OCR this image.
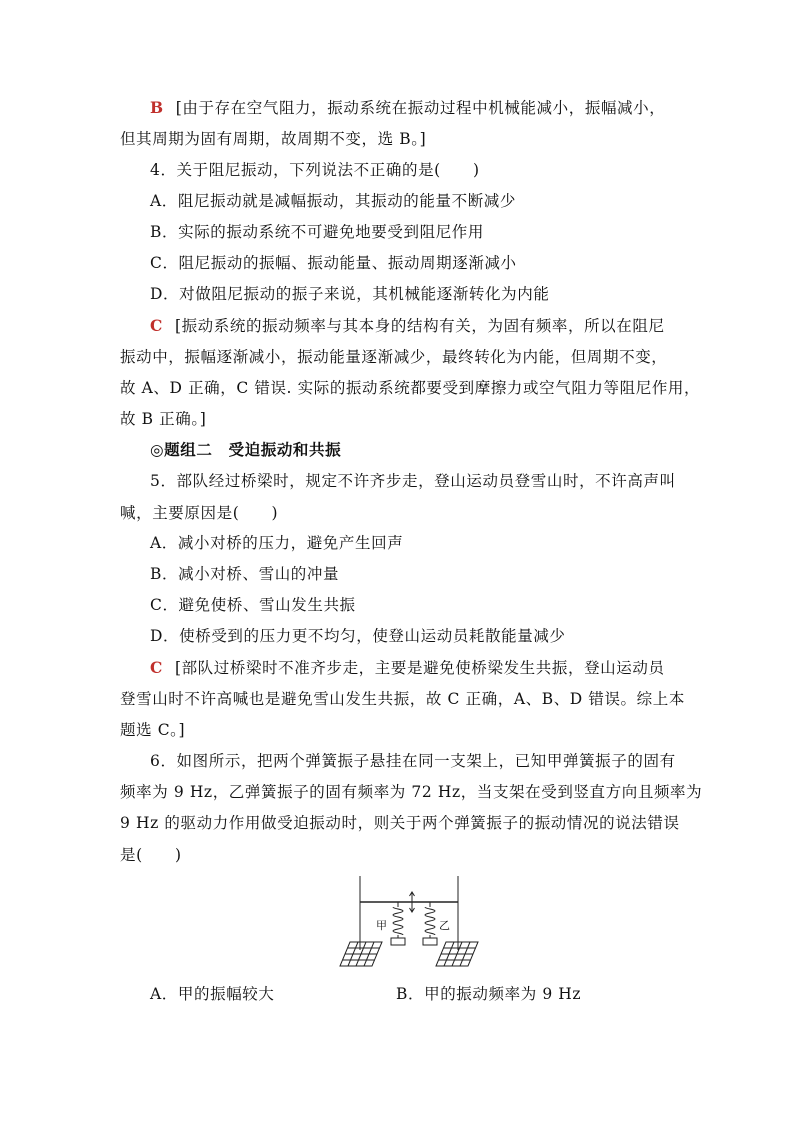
B [由于存在空气阻力，振动系统在振动过程中机械能减小，振幅减小，
但其周期为固有周期，故周期不变，选 B。]
4．关于阻尼振动，下列说法不正确的是(　　)
A．阻尼振动就是减幅振动，其振动的能量不断减少
B．实际的振动系统不可避免地要受到阻尼作用
C．阻尼振动的振幅、振动能量、振动周期逐渐减小
D．对做阻尼振动的振子来说，其机械能逐渐转化为内能
C [振动系统的振动频率与其本身的结构有关，为固有频率，所以在阻尼
振动中，振幅逐渐减小，振动能量逐渐减少，最终转化为内能，但周期不变，
故 A、D 正确，C 错误. 实际的振动系统都要受到摩擦力或空气阻力等阻尼作用，
故 B 正确。]
◎题组二　受迫振动和共振
5．部队经过桥梁时，规定不许齐步走，登山运动员登雪山时，不许高声叫
喊，主要原因是(　　)
A．减小对桥的压力，避免产生回声
B．减小对桥、雪山的冲量
C．避免使桥、雪山发生共振
D．使桥受到的压力更不均匀，使登山运动员耗散能量减少
C [部队过桥梁时不准齐步走，主要是避免使桥梁发生共振，登山运动员
登雪山时不许高喊也是避免雪山发生共振，故 C 正确，A、B、D 错误。综上本
题选 C。]
6．如图所示，把两个弹簧振子悬挂在同一支架上，已知甲弹簧振子的固有
频率为 9 Hz，乙弹簧振子的固有频率为 72 Hz，当支架在受到竖直方向且频率为
9 Hz 的驱动力作用做受迫振动时，则关于两个弹簧振子的振动情况的说法错误
是(　　)
甲	乙
A．甲的振幅较大	B．甲的振动频率为 9 Hz
